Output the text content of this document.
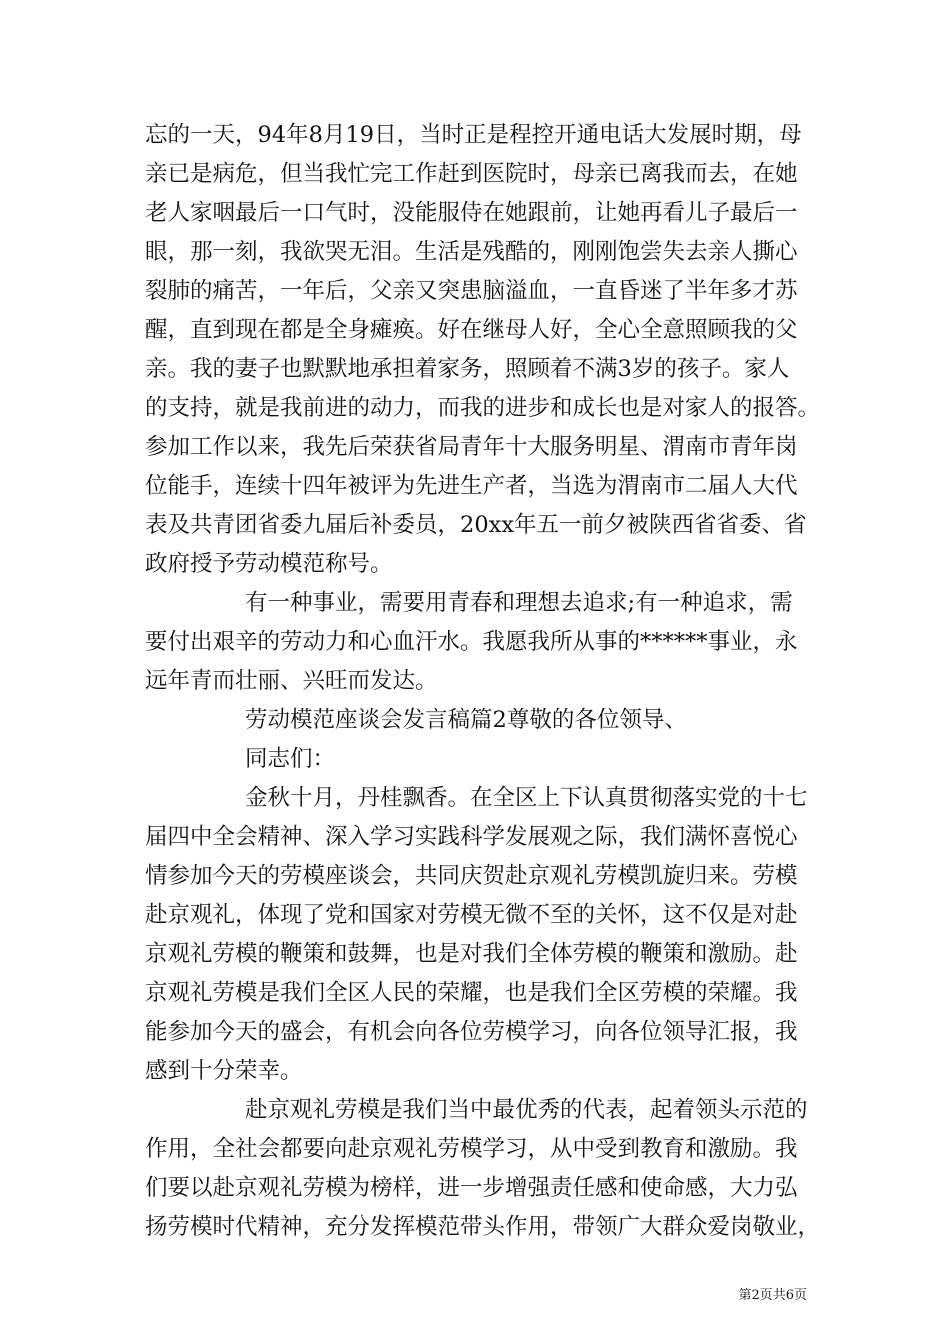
忘的一天，94年8月19日，当时正是程控开通电话大发展时期，母
亲已是病危，但当我忙完工作赶到医院时，母亲已离我而去，在她
老人家咽最后一口气时，没能服侍在她跟前，让她再看儿子最后一
眼，那一刻，我欲哭无泪。生活是残酷的，刚刚饱尝失去亲人撕心
裂肺的痛苦，一年后，父亲又突患脑溢血，一直昏迷了半年多才苏
醒，直到现在都是全身瘫痪。好在继母人好，全心全意照顾我的父
亲。我的妻子也默默地承担着家务，照顾着不满3岁的孩子。家人
的支持，就是我前进的动力，而我的进步和成长也是对家人的报答。
参加工作以来，我先后荣获省局青年十大服务明星、渭南市青年岗
位能手，连续十四年被评为先进生产者，当选为渭南市二届人大代
表及共青团省委九届后补委员，20xx年五一前夕被陕西省省委、省
政府授予劳动模范称号。
有一种事业，需要用青春和理想去追求;有一种追求，需
要付出艰辛的劳动力和心血汗水。我愿我所从事的******事业，永
远年青而壮丽、兴旺而发达。
劳动模范座谈会发言稿篇2尊敬的各位领导、
同志们：
金秋十月，丹桂飘香。在全区上下认真贯彻落实党的十七
届四中全会精神、深入学习实践科学发展观之际，我们满怀喜悦心
情参加今天的劳模座谈会，共同庆贺赴京观礼劳模凯旋归来。劳模
赴京观礼，体现了党和国家对劳模无微不至的关怀，这不仅是对赴
京观礼劳模的鞭策和鼓舞，也是对我们全体劳模的鞭策和激励。赴
京观礼劳模是我们全区人民的荣耀，也是我们全区劳模的荣耀。我
能参加今天的盛会，有机会向各位劳模学习，向各位领导汇报，我
感到十分荣幸。
赴京观礼劳模是我们当中最优秀的代表，起着领头示范的
作用，全社会都要向赴京观礼劳模学习，从中受到教育和激励。我
们要以赴京观礼劳模为榜样，进一步增强责任感和使命感，大力弘
扬劳模时代精神，充分发挥模范带头作用，带领广大群众爱岗敬业，
第2页共6页
